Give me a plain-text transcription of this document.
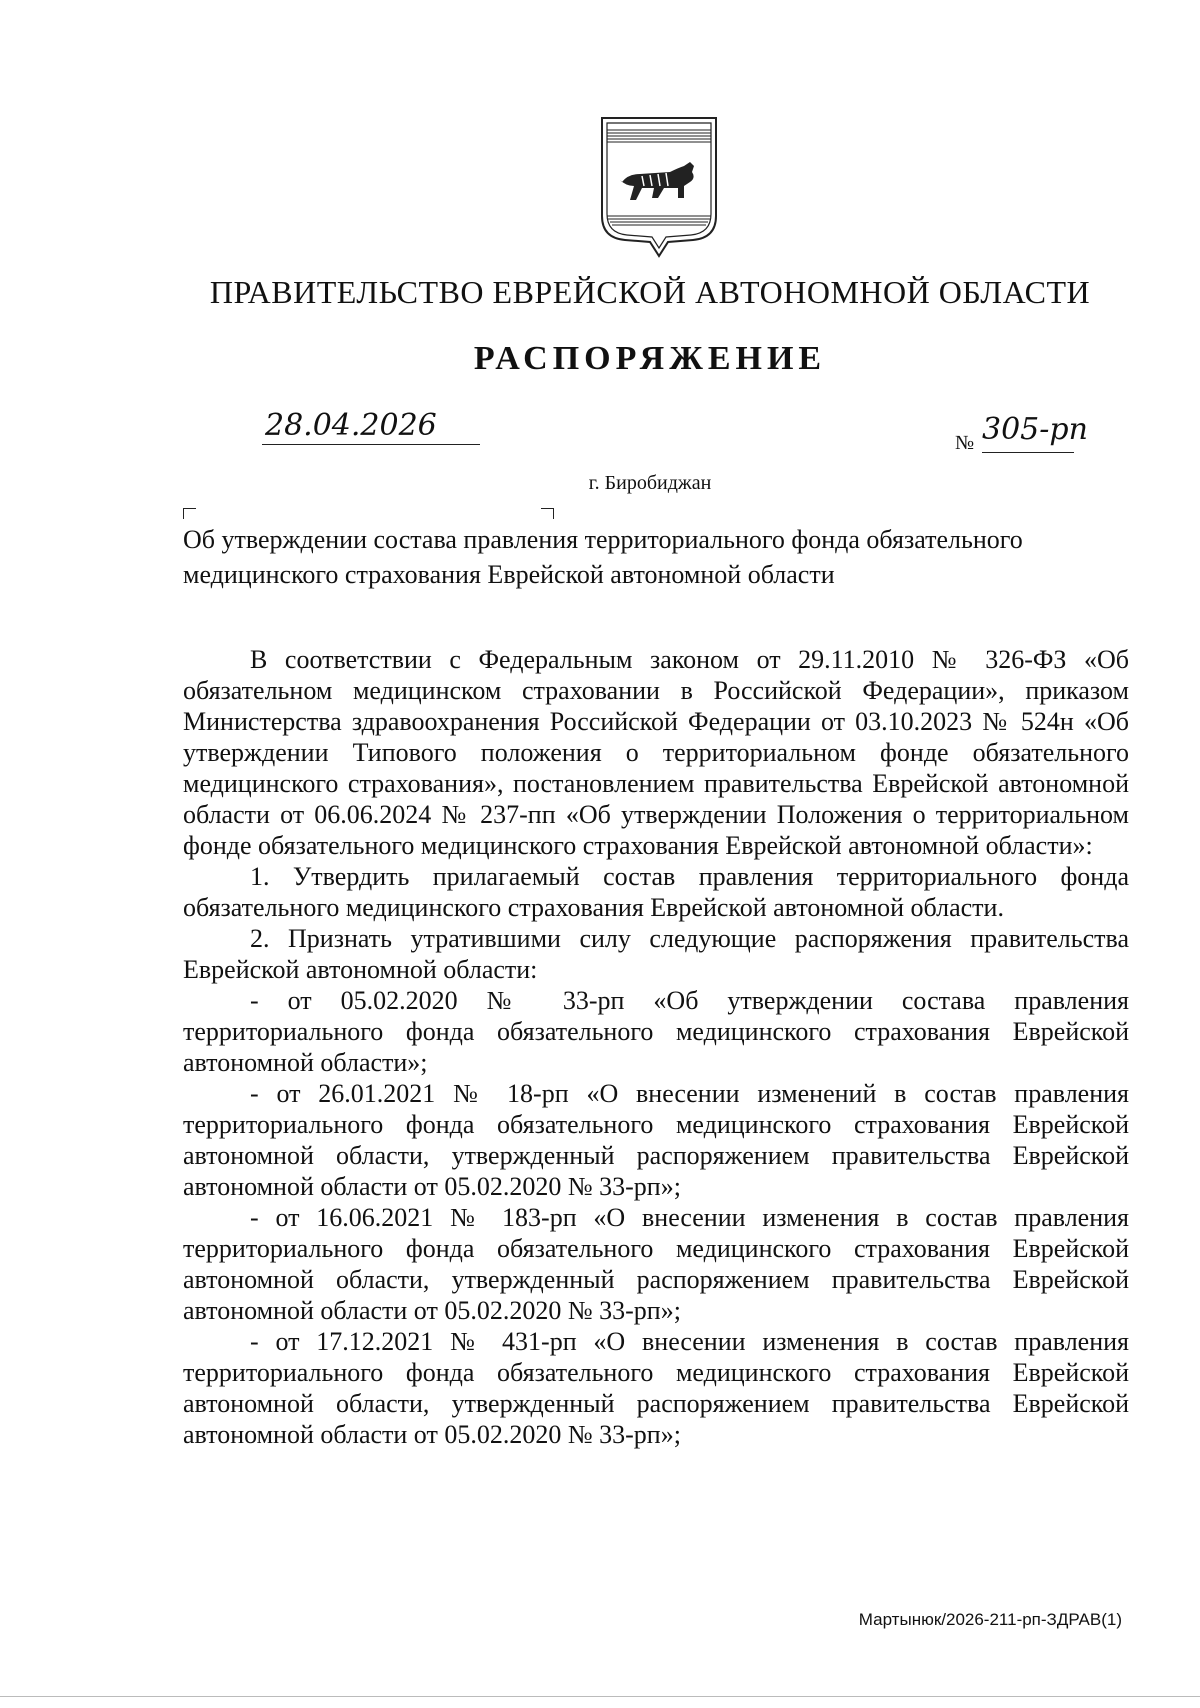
ПРАВИТЕЛЬСТВО ЕВРЕЙСКОЙ АВТОНОМНОЙ ОБЛАСТИ
РАСПОРЯЖЕНИЕ
28.04.2026	№ 305-рп
г. Биробиджан
Об утверждении состава правления территориального фонда обязательного медицинского страхования Еврейской автономной области

В соответствии с Федеральным законом от 29.11.2010 № 326-ФЗ «Об обязательном медицинском страховании в Российской Федерации», приказом Министерства здравоохранения Российской Федерации от 03.10.2023 № 524н «Об утверждении Типового положения о территориальном фонде обязательного медицинского страхования», постановлением правительства Еврейской автономной области от 06.06.2024 № 237-пп «Об утверждении Положения о территориальном фонде обязательного медицинского страхования Еврейской автономной области»:

1. Утвердить прилагаемый состав правления территориального фонда обязательного медицинского страхования Еврейской автономной области.

2. Признать утратившими силу следующие распоряжения правительства Еврейской автономной области:

- от 05.02.2020 № 33-рп «Об утверждении состава правления территориального фонда обязательного медицинского страхования Еврейской автономной области»;

- от 26.01.2021 № 18-рп «О внесении изменений в состав правления территориального фонда обязательного медицинского страхования Еврейской автономной области, утвержденный распоряжением правительства Еврейской автономной области от 05.02.2020 № 33-рп»;

- от 16.06.2021 № 183-рп «О внесении изменения в состав правления территориального фонда обязательного медицинского страхования Еврейской автономной области, утвержденный распоряжением правительства Еврейской автономной области от 05.02.2020 № 33-рп»;

- от 17.12.2021 № 431-рп «О внесении изменения в состав правления территориального фонда обязательного медицинского страхования Еврейской автономной области, утвержденный распоряжением правительства Еврейской автономной области от 05.02.2020 № 33-рп»;

Мартынюк/2026-211-рп-ЗДРАВ(1)
